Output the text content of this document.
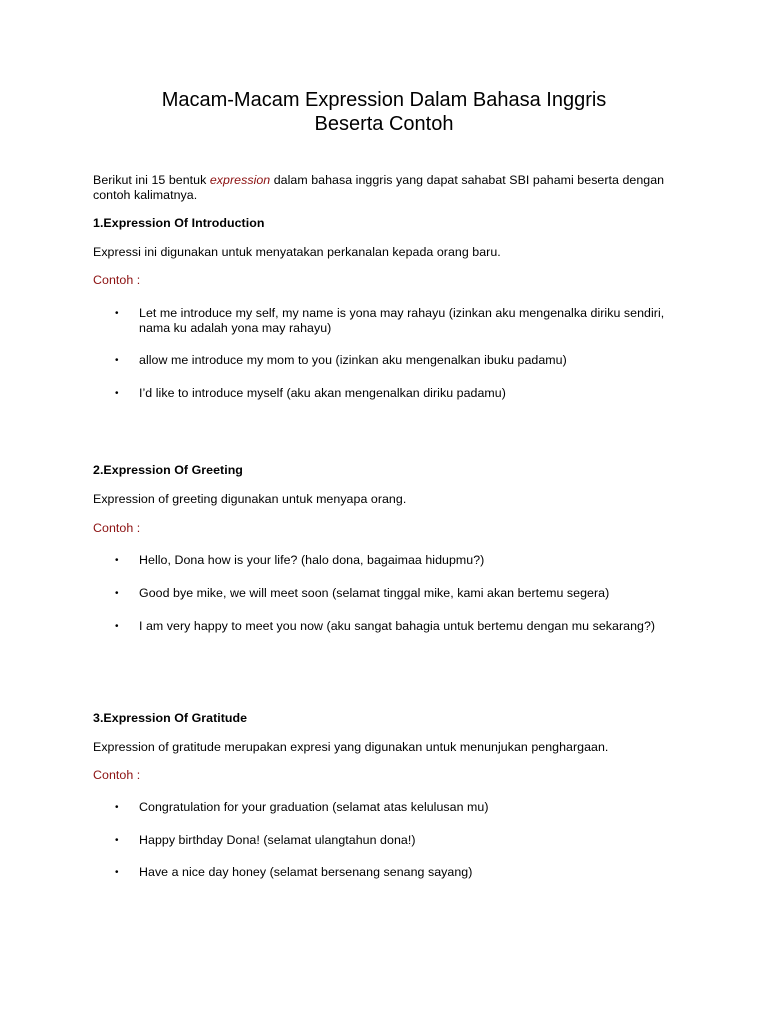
Macam-Macam Expression Dalam Bahasa Inggris
Beserta Contoh

Berikut ini 15 bentuk expression dalam bahasa inggris yang dapat sahabat SBI pahami beserta dengan contoh kalimatnya.

1.Expression Of Introduction

Expressi ini digunakan untuk menyatakan perkanalan kepada orang baru.

Contoh :

• Let me introduce my self, my name is yona may rahayu (izinkan aku mengenalka diriku sendiri, nama ku adalah yona may rahayu)

• allow me introduce my mom to you (izinkan aku mengenalkan ibuku padamu)

• I’d like to introduce myself (aku akan mengenalkan diriku padamu)

2.Expression Of Greeting

Expression of greeting digunakan untuk menyapa orang.

Contoh :

• Hello, Dona how is your life? (halo dona, bagaimaa hidupmu?)

• Good bye mike, we will meet soon (selamat tinggal mike, kami akan bertemu segera)

• I am very happy to meet you now (aku sangat bahagia untuk bertemu dengan mu sekarang?)

3.Expression Of Gratitude

Expression of gratitude merupakan expresi yang digunakan untuk menunjukan penghargaan.

Contoh :

• Congratulation for your graduation (selamat atas kelulusan mu)

• Happy birthday Dona! (selamat ulangtahun dona!)

• Have a nice day honey (selamat bersenang senang sayang)
